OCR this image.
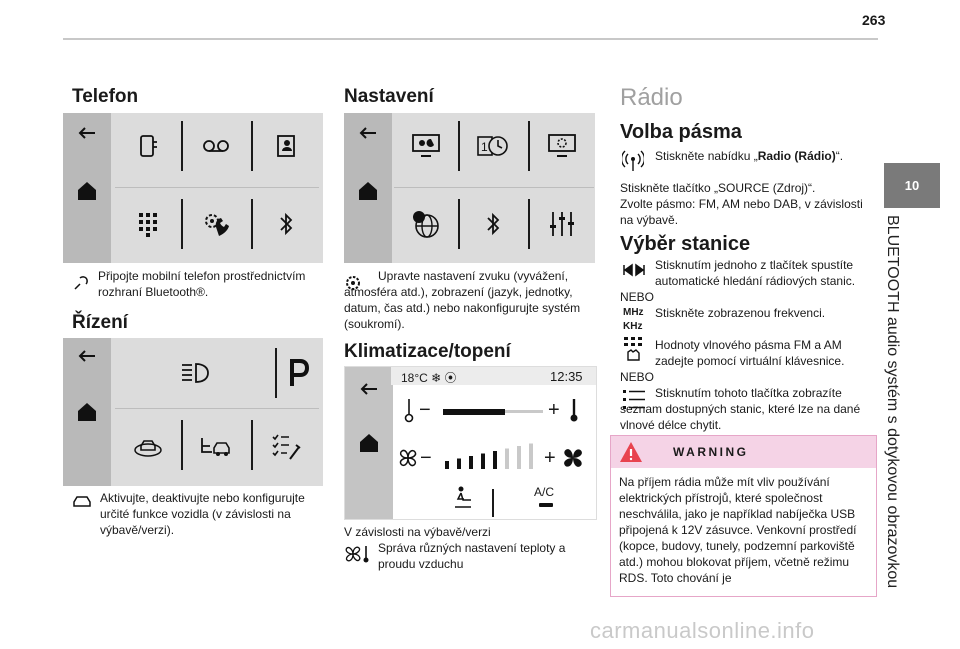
263
10
BLUETOOTH audio systém s dotykovou obrazovkou
Telefon
Připojte mobilní telefon prostřednictvím rozhraní Bluetooth®.
Řízení
Aktivujte, deaktivujte nebo konfigurujte určité funkce vozidla (v závislosti na výbavě/verzi).
Nastavení
1
Upravte nastavení zvuku (vyvážení, atmosféra atd.), zobrazení (jazyk, jednotky, datum, čas atd.) nebo nakonfigurujte systém (soukromí).
Klimatizace/topení
18°C ❄ ⦿	12:35
−	+
−	+
A/C
V závislosti na výbavě/verzi
Správa různých nastavení teploty a proudu vzduchu
Rádio
Volba pásma
Stiskněte nabídku „Radio (Rádio)“.
Stiskněte tlačítko „SOURCE (Zdroj)“.
Zvolte pásmo: FM, AM nebo DAB, v závislosti na výbavě.
Výběr stanice
Stisknutím jednoho z tlačítek spustíte automatické hledání rádiových stanic.
NEBO
MHz
KHz
Stiskněte zobrazenou frekvenci.
Hodnoty vlnového pásma FM a AM zadejte pomocí virtuální klávesnice.
NEBO
Stisknutím tohoto tlačítka zobrazíte seznam dostupných stanic, které lze na dané vlnové délce chytit.
WARNING
Na příjem rádia může mít vliv používání elektrických přístrojů, které společnost neschválila, jako je například nabíječka USB připojená k 12V zásuvce. Venkovní prostředí (kopce, budovy, tunely, podzemní parkoviště atd.) mohou blokovat příjem, včetně režimu RDS. Toto chování je
carmanualsonline.info
